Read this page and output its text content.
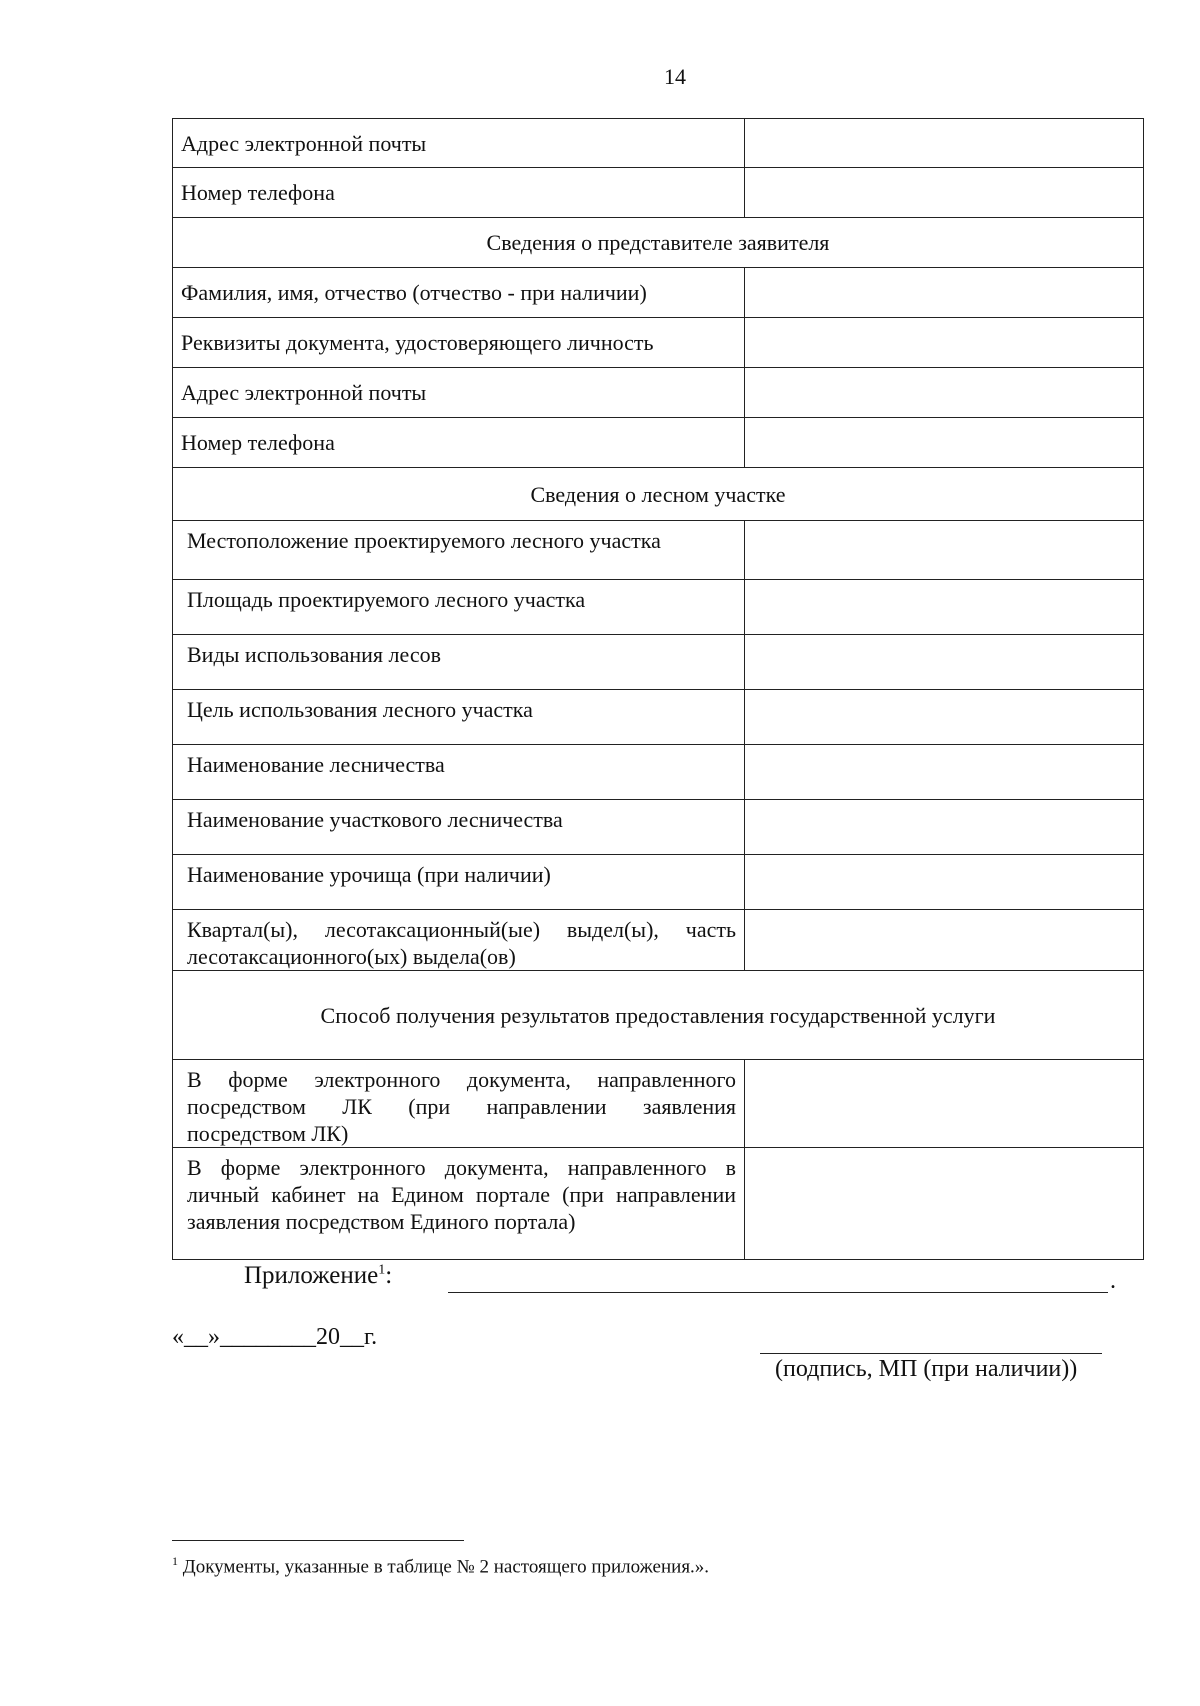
14
Адрес электронной почты	
Номер телефона	
Сведения о представителе заявителя	
Фамилия, имя, отчество (отчество - при наличии)	
Реквизиты документа, удостоверяющего личность	
Адрес электронной почты	
Номер телефона	
Сведения о лесном участке	
Местоположение проектируемого лесного участка	
Площадь проектируемого лесного участка	
Виды использования лесов	
Цель использования лесного участка	
Наименование лесничества	
Наименование участкового лесничества	
Наименование урочища (при наличии)	
Квартал(ы), лесотаксационный(ые) выдел(ы), часть лесотаксационного(ых) выдела(ов)	
Способ получения результатов предоставления государственной услуги	
В форме электронного документа, направленного посредством ЛК (при направлении заявления посредством ЛК)	
В форме электронного документа, направленного в личный кабинет на Едином портале (при направлении заявления посредством Единого портала)	
Приложение$^1$:	.
«__»________20__г.
(подпись, МП (при наличии))
$^1$ Документы, указанные в таблице № 2 настоящего приложения.».
